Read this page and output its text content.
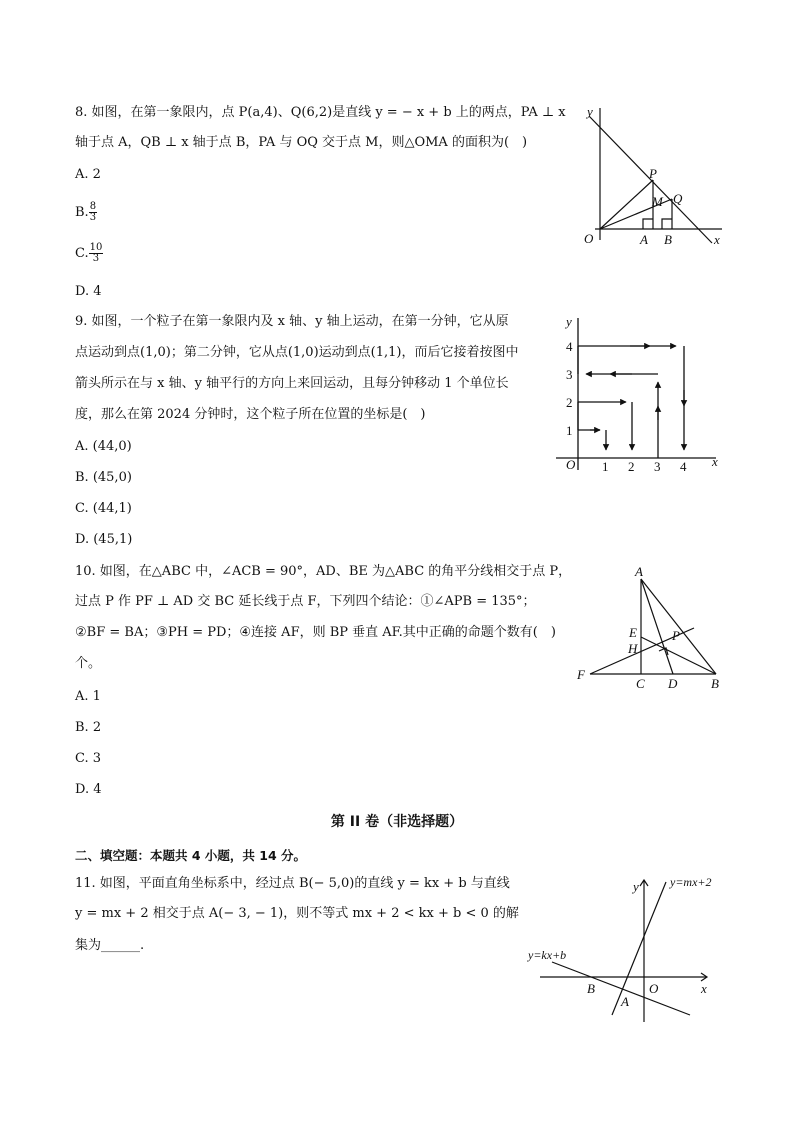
8. 如图，在第一象限内，点 P(a,4)、Q(6,2)是直线 y = − x + b 上的两点，PA ⊥ x
轴于点 A，QB ⊥ x 轴于点 B，PA 与 OQ 交于点 M，则△OMA 的面积为(　)
A. 2
B. $\frac{8}{3}$
C. $\frac{10}{3}$
D. 4
y
x
O	A B
P
M Q
9. 如图，一个粒子在第一象限内及 x 轴、y 轴上运动，在第一分钟，它从原
点运动到点(1,0)；第二分钟，它从点(1,0)运动到点(1,1)，而后它接着按图中
箭头所示在与 x 轴、y 轴平行的方向上来回运动，且每分钟移动 1 个单位长
度，那么在第 2024 分钟时，这个粒子所在位置的坐标是(　)
A. (44,0)
B. (45,0)
C. (44,1)
D. (45,1)
y
x
O 1 2 3 4
1
2
3
4
10. 如图，在△ABC 中，∠ACB = 90°，AD、BE 为△ABC 的角平分线相交于点 P，
过点 P 作 PF ⊥ AD 交 BC 延长线于点 F，下列四个结论：①∠APB = 135°；
②BF = BA；③PH = PD；④连接 AF，则 BP 垂直 AF.其中正确的命题个数有(　)
个。
A. 1
B. 2
C. 3
D. 4
A
E	P
H
F
C D	B
第 II 卷（非选择题）
二、填空题：本题共 4 小题，共 14 分。
11. 如图，平面直角坐标系中，经过点 B(− 5,0)的直线 y = kx + b 与直线
y = mx + 2 相交于点 A(− 3, − 1)，则不等式 mx + 2 < kx + b < 0 的解
集为______.
y
x
O
B
A
y=mx+2
y=kx+b
